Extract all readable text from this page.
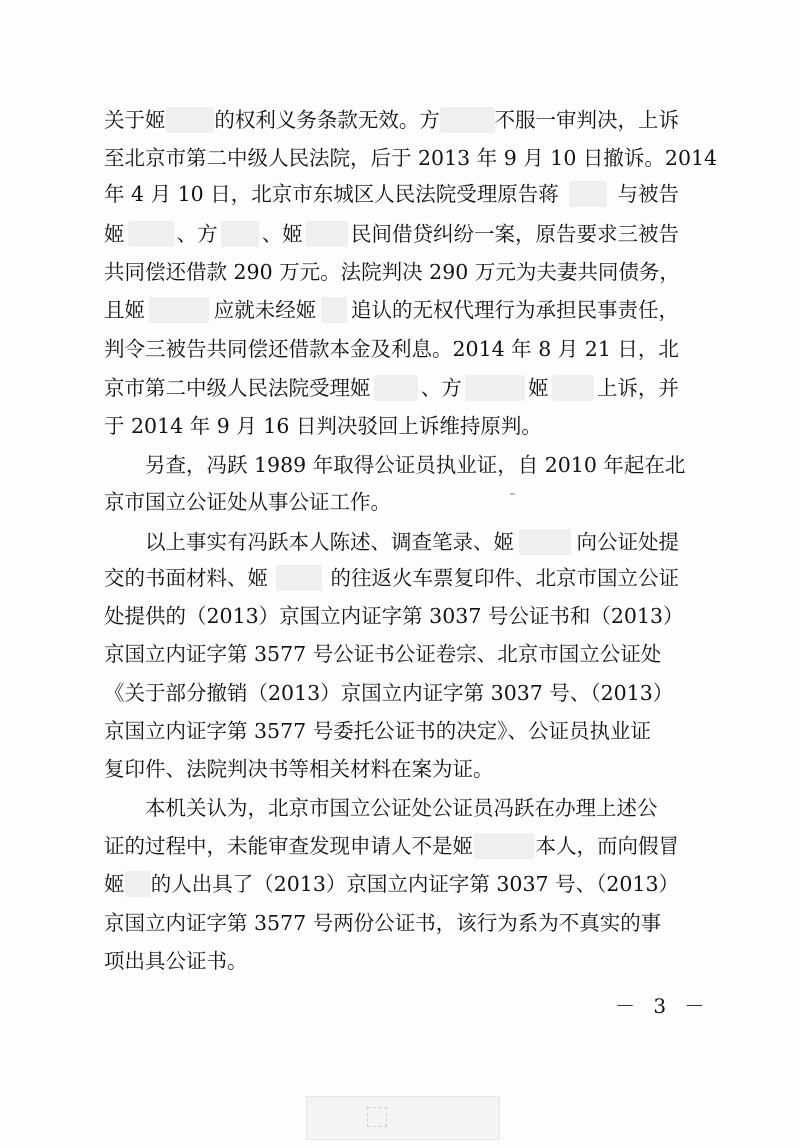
关于姬 的权利义务条款无效。方	不服一审判决，上诉
至北京市第二中级人民法院，后于 2013 年 9 月 10 日撤诉。2014
年 4 月 10 日，北京市东城区人民法院受理原告蒋	与被告
姬	、方 、姬 民间借贷纠纷一案，原告要求三被告
共同偿还借款 290 万元。法院判决 290 万元为夫妻共同债务，
且姬	应就未经姬 追认的无权代理行为承担民事责任，
判令三被告共同偿还借款本金及利息。2014 年 8 月 21 日，北
京市第二中级人民法院受理姬 、方	姬 上诉，并
于 2014 年 9 月 16 日判决驳回上诉维持原判。
　　另查，冯跃 1989 年取得公证员执业证，自 2010 年起在北
京市国立公证处从事公证工作。
　　以上事实有冯跃本人陈述、调查笔录、姬	向公证处提
交的书面材料、姬	的往返火车票复印件、北京市国立公证
处提供的（2013）京国立内证字第 3037 号公证书和（2013）
京国立内证字第 3577 号公证书公证卷宗、北京市国立公证处
《关于部分撤销（2013）京国立内证字第 3037 号、（2013）
京国立内证字第 3577 号委托公证书的决定》、公证员执业证
复印件、法院判决书等相关材料在案为证。
　　本机关认为，北京市国立公证处公证员冯跃在办理上述公
证的过程中，未能审查发现申请人不是姬	本人，而向假冒
姬 的人出具了（2013）京国立内证字第 3037 号、（2013）
京国立内证字第 3577 号两份公证书，该行为系为不真实的事
项出具公证书。
－ 3 －
